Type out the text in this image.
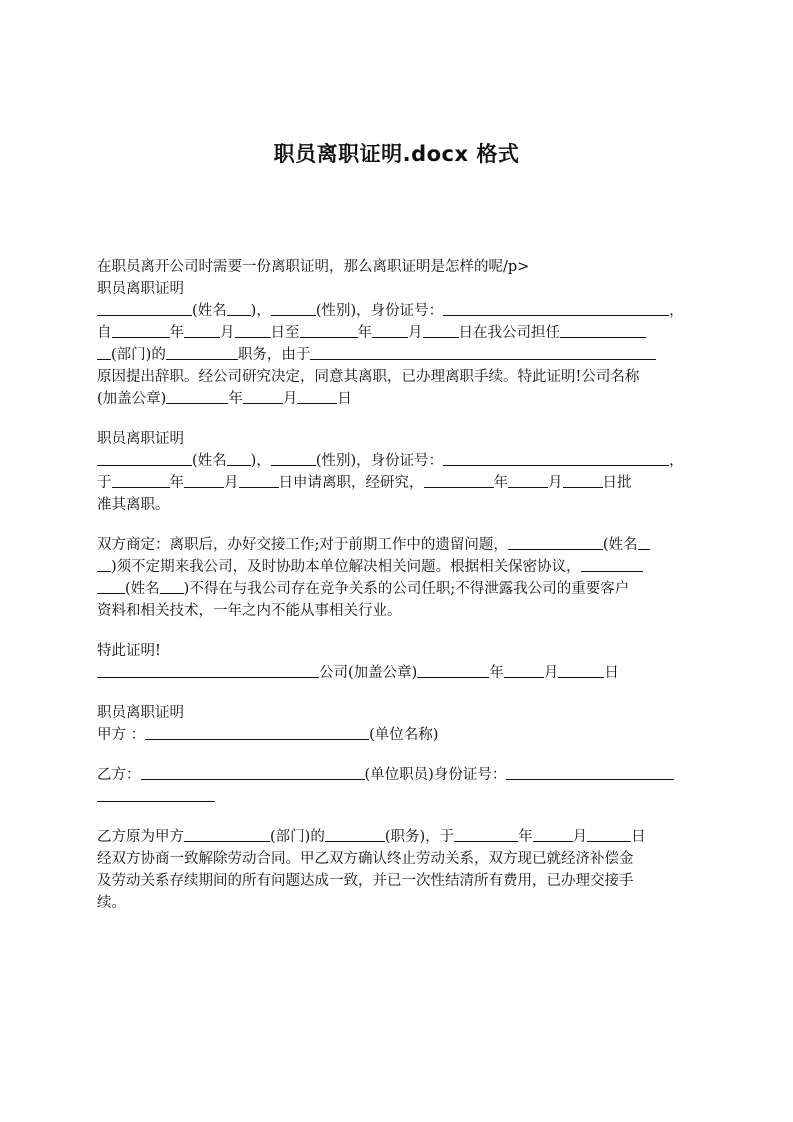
职员离职证明.docx 格式

在职员离开公司时需要一份离职证明，那么离职证明是怎样的呢/p>

职员离职证明

(姓名 )，	(性别)，身份证号：	，
自	年 月 日至	年 月 日在我公司担任
(部门)的	职务，由于
原因提出辞职。经公司研究决定，同意其离职，已办理离职手续。特此证明!公司名称
(加盖公章)	年	月	日

职员离职证明

(姓名 )，	(性别)，身份证号：	，
于	年	月	日申请离职，经研究，	年	月	日批
准其离职。
双方商定：离职后，办好交接工作;对于前期工作中的遗留问题，	(姓名
)须不定期来我公司，及时协助本单位解决相关问题。根据相关保密协议，
(姓名 )不得在与我公司存在竞争关系的公司任职;不得泄露我公司的重要客户
资料和相关技术，一年之内不能从事相关行业。

特此证明!

公司(加盖公章)	年	月	日

职员离职证明

甲方 ：	(单位名称)
乙方：	(单位职员)身份证号：
乙方原为甲方	(部门)的	(职务)，于	年	月	日
经双方协商一致解除劳动合同。甲乙双方确认终止劳动关系，双方现已就经济补偿金
及劳动关系存续期间的所有问题达成一致，并已一次性结清所有费用，已办理交接手
续。
